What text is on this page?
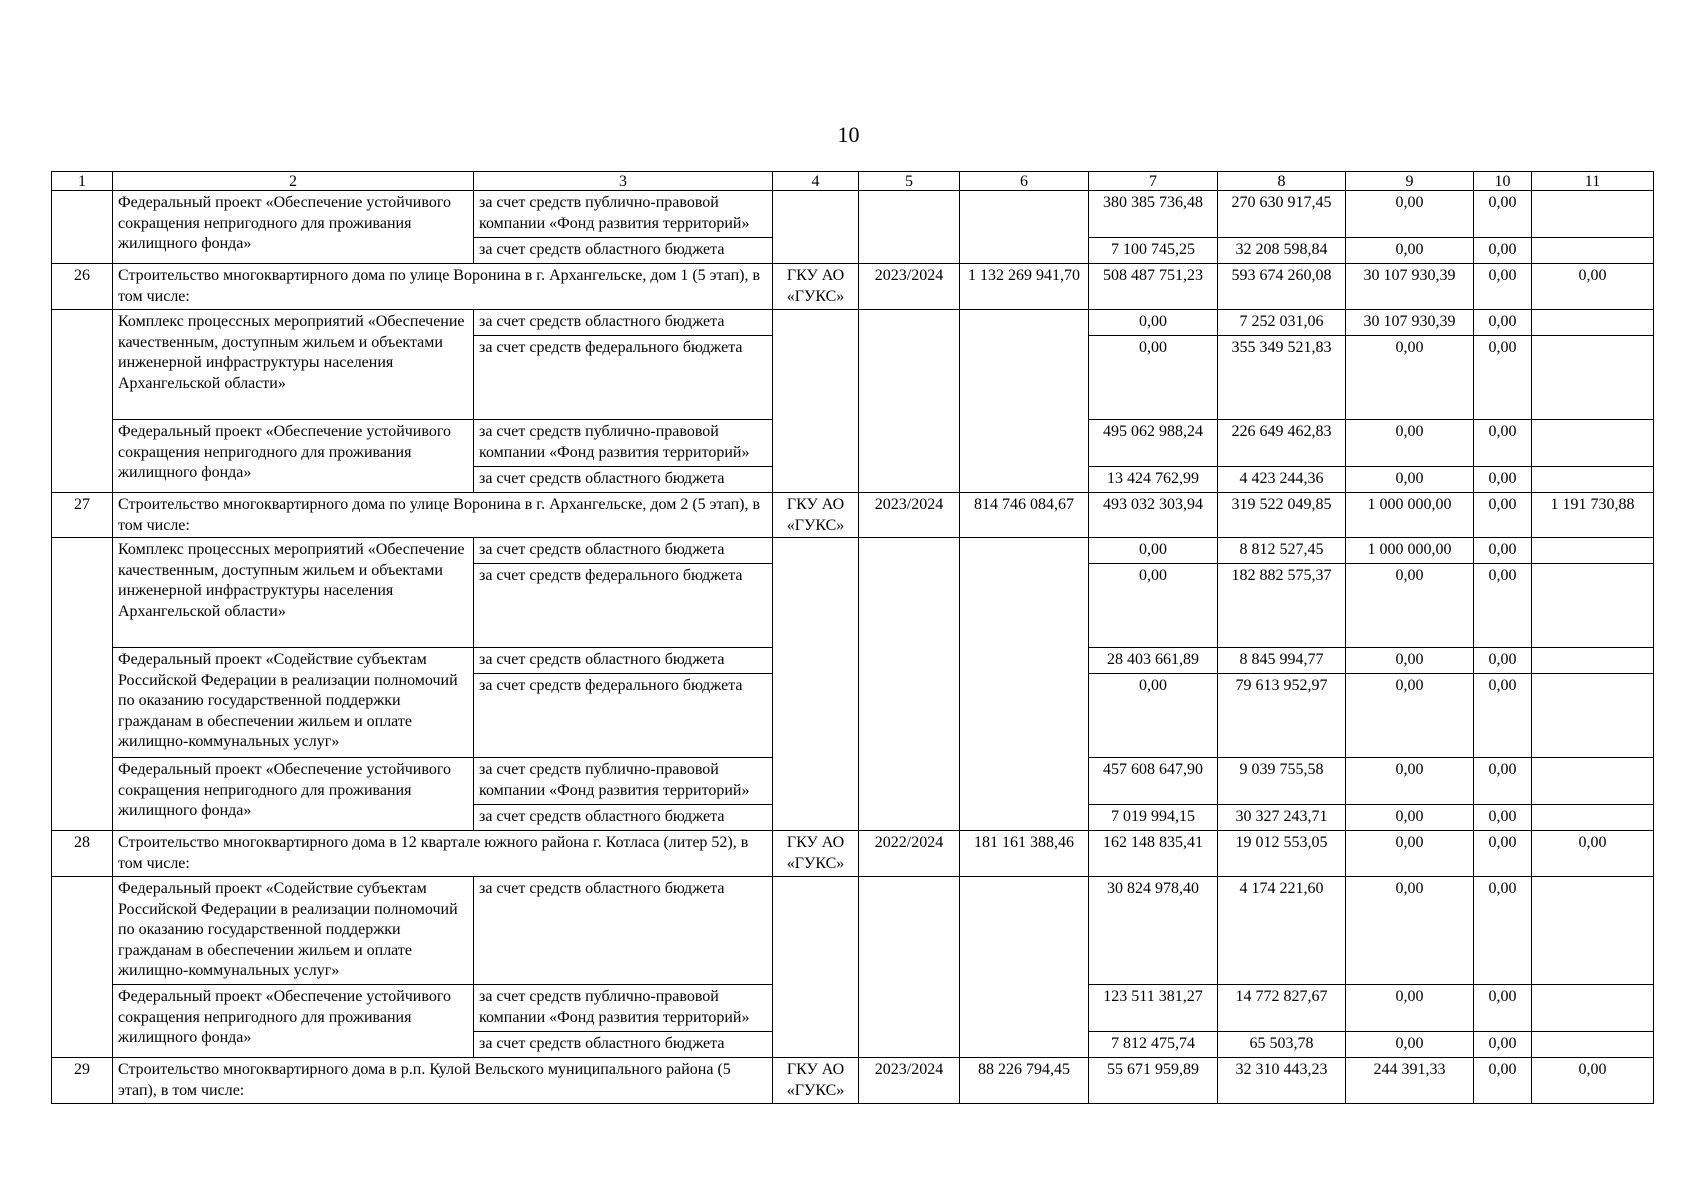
10
1	2	3	4	5	6	7	8	9	10	11
	Федеральный проект «Обеспечение устойчивого сокращения непригодного для проживания жилищного фонда»	за счет средств публично-правовой компании «Фонд развития территорий»				380 385 736,48	270 630 917,45	0,00	0,00	
		за счет средств областного бюджета				7 100 745,25	32 208 598,84	0,00	0,00	
26	Строительство многоквартирного дома по улице Воронина в г. Архангельске, дом 1 (5 этап), в том числе:		ГКУ АО «ГУКС»	2023/2024	1 132 269 941,70	508 487 751,23	593 674 260,08	30 107 930,39	0,00	0,00
	Комплекс процессных мероприятий «Обеспечение качественным, доступным жильем и объектами инженерной инфраструктуры населения Архангельской области»	за счет средств областного бюджета				0,00	7 252 031,06	30 107 930,39	0,00	
		за счет средств федерального бюджета				0,00	355 349 521,83	0,00	0,00	
	Федеральный проект «Обеспечение устойчивого сокращения непригодного для проживания жилищного фонда»	за счет средств публично-правовой компании «Фонд развития территорий»				495 062 988,24	226 649 462,83	0,00	0,00	
		за счет средств областного бюджета				13 424 762,99	4 423 244,36	0,00	0,00	
27	Строительство многоквартирного дома по улице Воронина в г. Архангельске, дом 2 (5 этап), в том числе:		ГКУ АО «ГУКС»	2023/2024	814 746 084,67	493 032 303,94	319 522 049,85	1 000 000,00	0,00	1 191 730,88
	Комплекс процессных мероприятий «Обеспечение качественным, доступным жильем и объектами инженерной инфраструктуры населения Архангельской области»	за счет средств областного бюджета				0,00	8 812 527,45	1 000 000,00	0,00	
		за счет средств федерального бюджета				0,00	182 882 575,37	0,00	0,00	
	Федеральный проект «Содействие субъектам Российской Федерации в реализации полномочий по оказанию государственной поддержки гражданам в обеспечении жильем и оплате жилищно-коммунальных услуг»	за счет средств областного бюджета				28 403 661,89	8 845 994,77	0,00	0,00	
		за счет средств федерального бюджета				0,00	79 613 952,97	0,00	0,00	
	Федеральный проект «Обеспечение устойчивого сокращения непригодного для проживания жилищного фонда»	за счет средств публично-правовой компании «Фонд развития территорий»				457 608 647,90	9 039 755,58	0,00	0,00	
		за счет средств областного бюджета				7 019 994,15	30 327 243,71	0,00	0,00	
28	Строительство многоквартирного дома в 12 квартале южного района г. Котласа (литер 52), в том числе:		ГКУ АО «ГУКС»	2022/2024	181 161 388,46	162 148 835,41	19 012 553,05	0,00	0,00	0,00
	Федеральный проект «Содействие субъектам Российской Федерации в реализации полномочий по оказанию государственной поддержки гражданам в обеспечении жильем и оплате жилищно-коммунальных услуг»	за счет средств областного бюджета				30 824 978,40	4 174 221,60	0,00	0,00	
	Федеральный проект «Обеспечение устойчивого сокращения непригодного для проживания жилищного фонда»	за счет средств публично-правовой компании «Фонд развития территорий»				123 511 381,27	14 772 827,67	0,00	0,00	
		за счет средств областного бюджета				7 812 475,74	65 503,78	0,00	0,00	
29	Строительство многоквартирного дома в р.п. Кулой Вельского муниципального района (5 этап), в том числе:		ГКУ АО «ГУКС»	2023/2024	88 226 794,45	55 671 959,89	32 310 443,23	244 391,33	0,00	0,00
